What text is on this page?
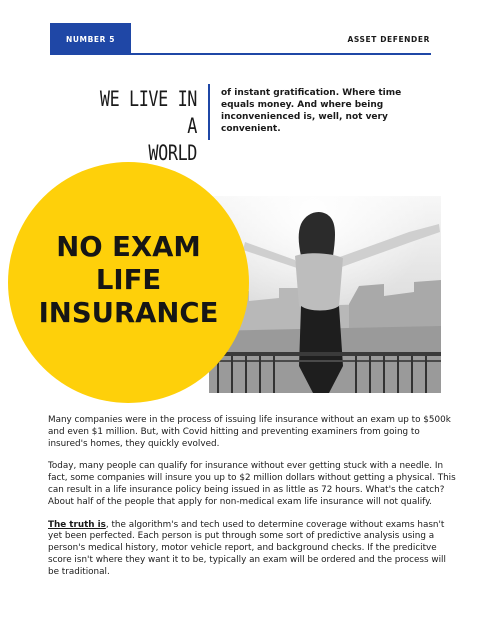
NUMBER 5	ASSET DEFENDER
WE LIVE IN A
WORLD
of instant gratification. Where time equals money. And where being inconvenienced is, well, not very convenient.
NO EXAM
LIFE
INSURANCE

Many companies were in the process of issuing life insurance without an exam up to $500k and even $1 million. But, with Covid hitting and preventing examiners from going to insured's homes, they quickly evolved.

Today, many people can qualify for insurance without ever getting stuck with a needle. In fact, some companies will insure you up to $2 million dollars without getting a physical. This can result in a life insurance policy being issued in as little as 72 hours. What's the catch? About half of the people that apply for non-medical exam life insurance will not qualify.

The truth is, the algorithm's and tech used to determine coverage without exams hasn't yet been perfected. Each person is put through some sort of predictive analysis using a person's medical history, motor vehicle report, and background checks. If the predicitve score isn't where they want it to be, typically an exam will be ordered and the process will be traditional.
